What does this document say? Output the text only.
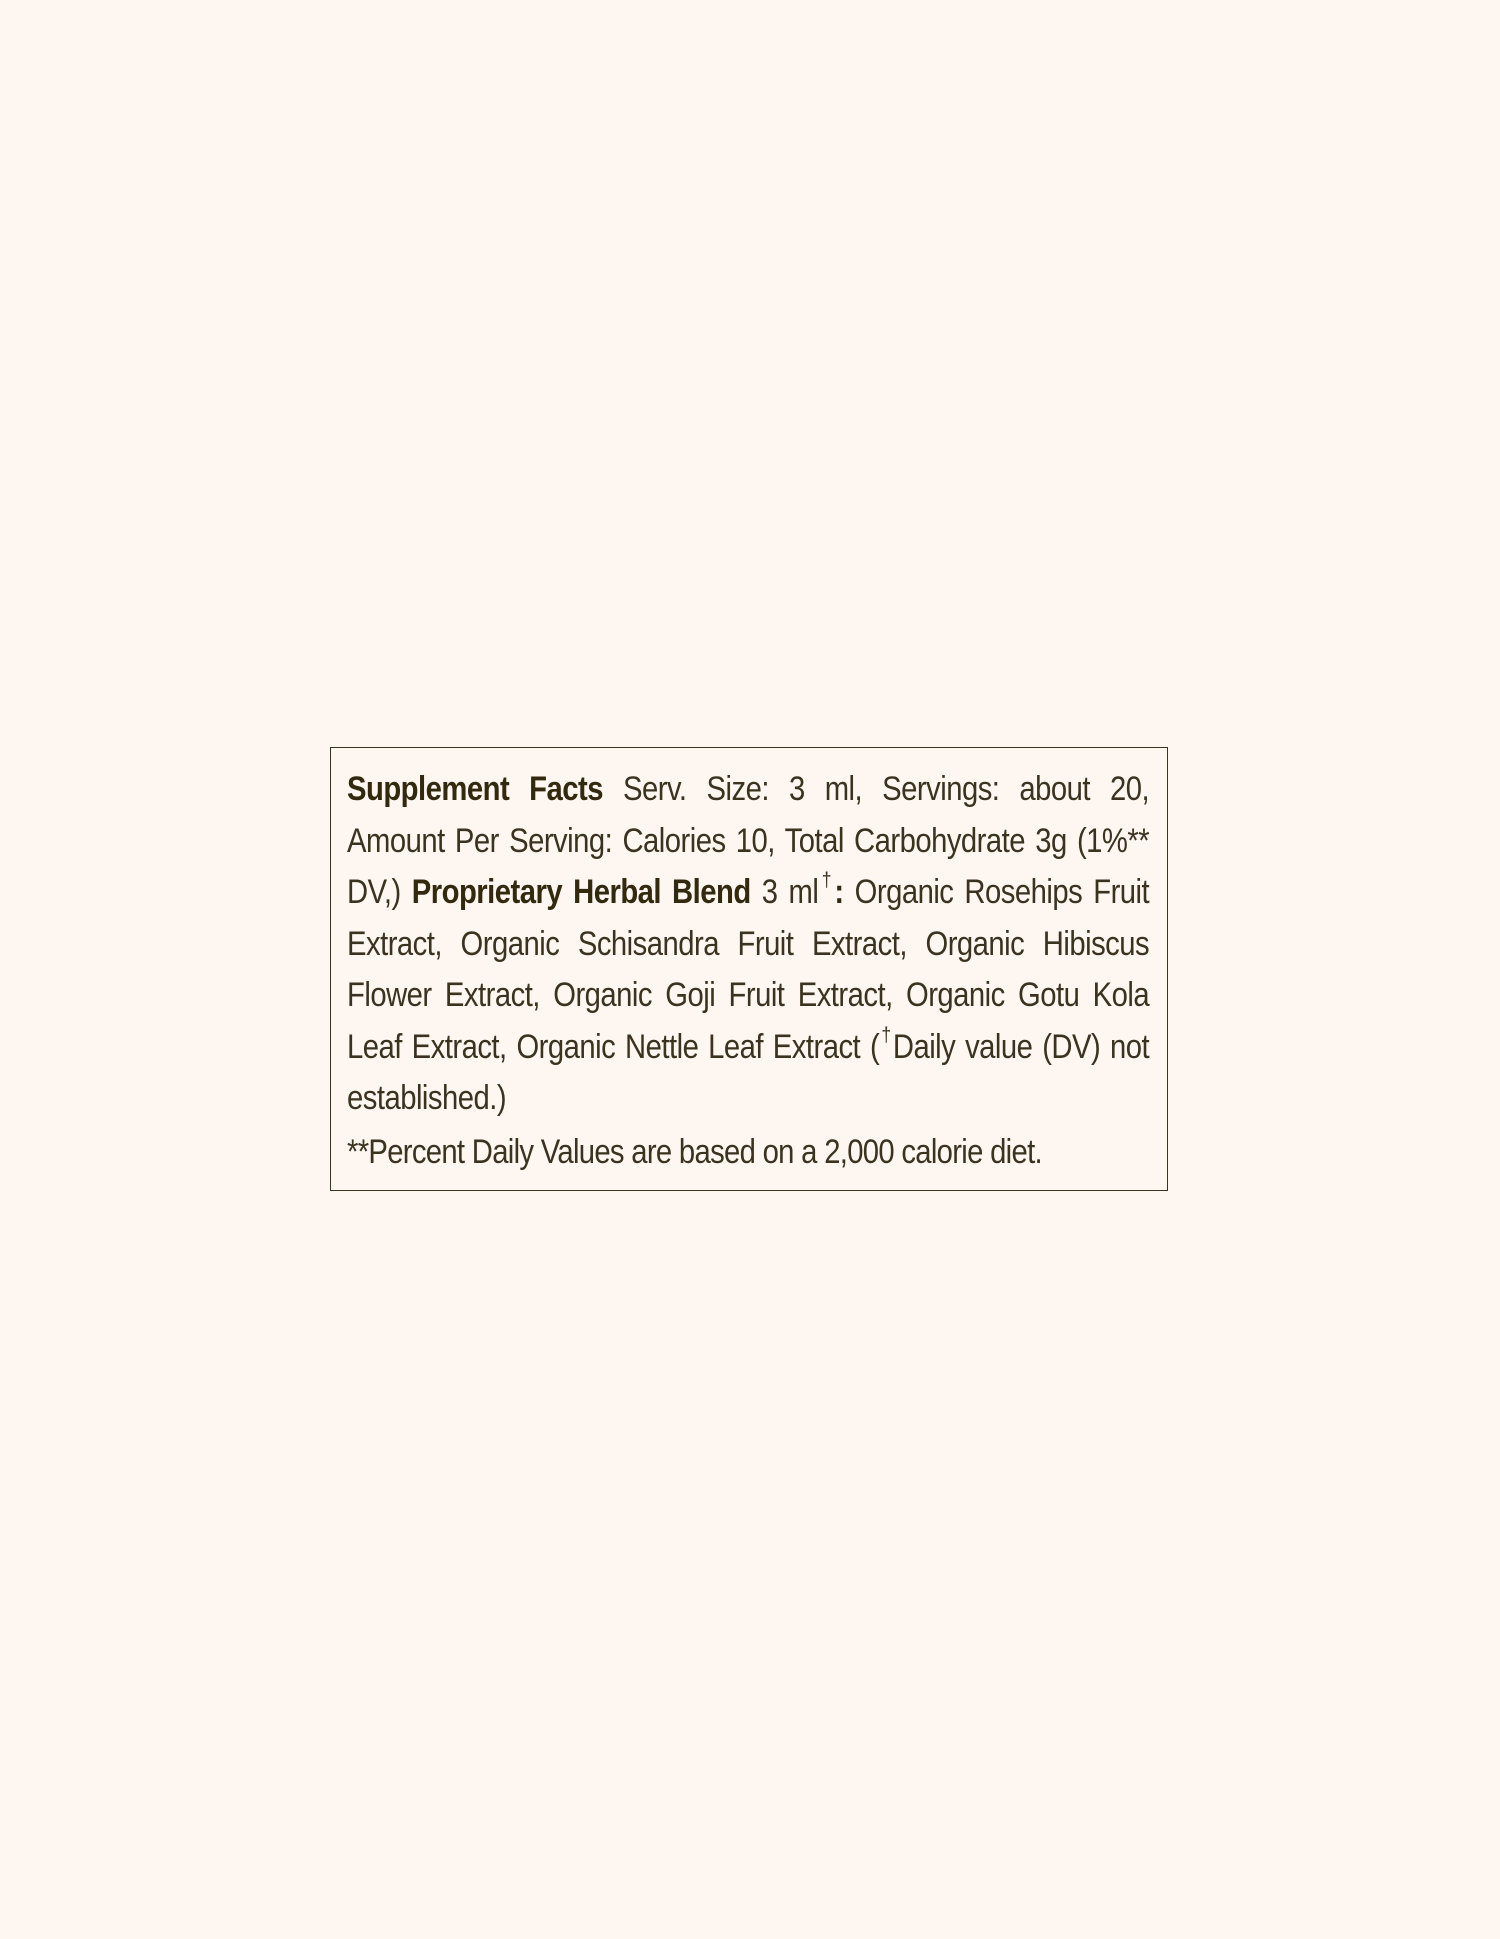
Supplement Facts Serv. Size: 3 ml, Servings: about 20, Amount Per Serving: Calories 10, Total Carbohydrate 3g (1%** DV,) Proprietary Herbal Blend 3 ml†: Organic Rosehips Fruit Extract, Organic Schisandra Fruit Extract, Organic Hibiscus Flower Extract, Organic Goji Fruit Extract, Organic Gotu Kola Leaf Extract, Organic Nettle Leaf Extract (†Daily value (DV) not established.)

**Percent Daily Values are based on a 2,000 calorie diet.
